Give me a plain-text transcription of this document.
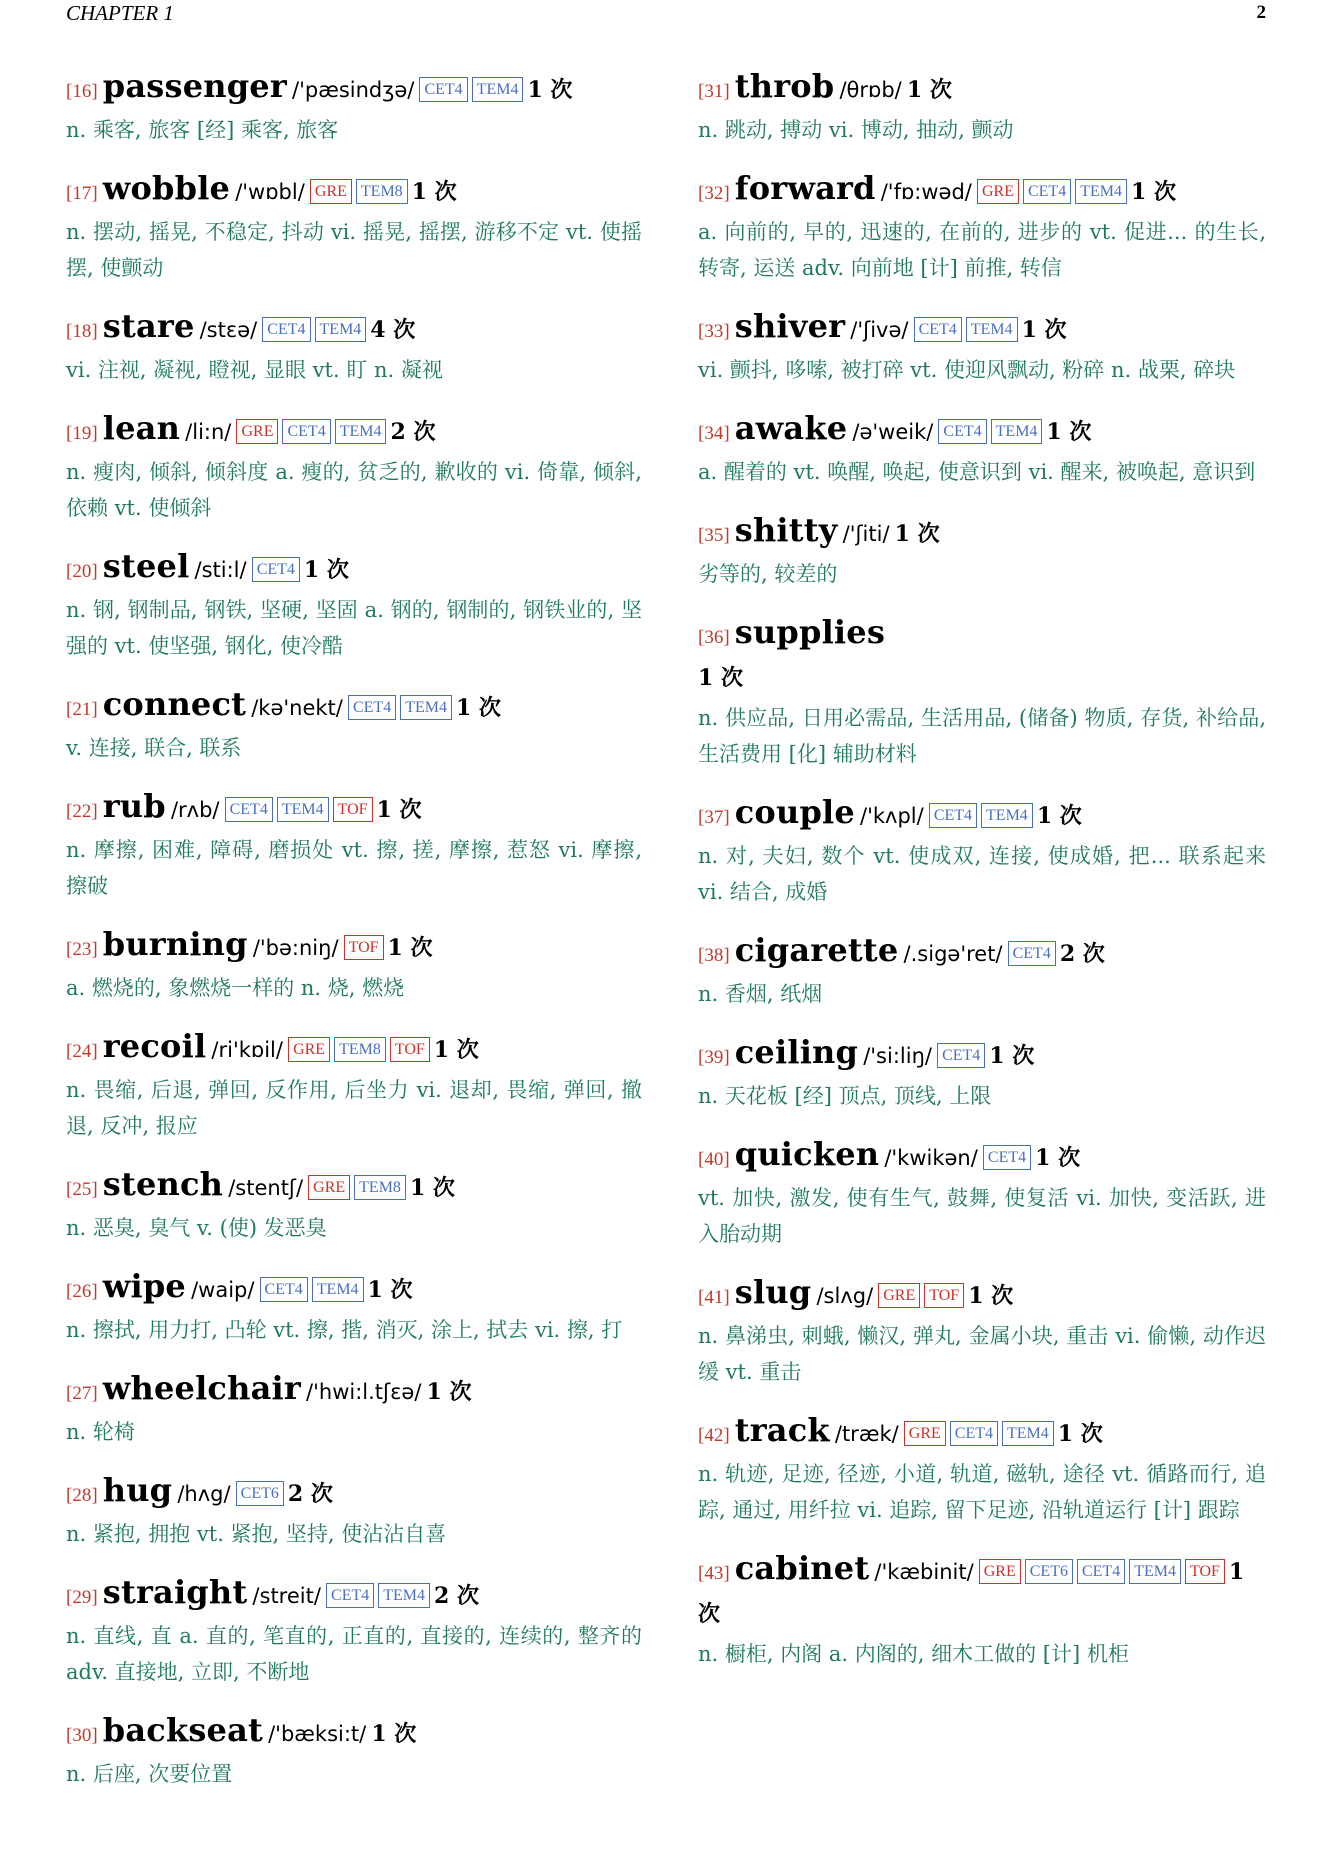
CHAPTER 1	2
[16] passenger /'pæsindʒə/ CET4 TEM4 1 次
n. 乘客, 旅客 [经] 乘客, 旅客
[17] wobble /'wɒbl/ GRE TEM8 1 次
n. 摆动, 摇晃, 不稳定, 抖动 vi. 摇晃, 摇摆, 游移不定 vt. 使摇摆, 使颤动
[18] stare /stɛə/ CET4 TEM4 4 次
vi. 注视, 凝视, 瞪视, 显眼 vt. 盯 n. 凝视
[19] lean /li:n/ GRE CET4 TEM4 2 次
n. 瘦肉, 倾斜, 倾斜度 a. 瘦的, 贫乏的, 歉收的 vi. 倚靠, 倾斜, 依赖 vt. 使倾斜
[20] steel /sti:l/ CET4 1 次
n. 钢, 钢制品, 钢铁, 坚硬, 坚固 a. 钢的, 钢制的, 钢铁业的, 坚强的 vt. 使坚强, 钢化, 使冷酷
[21] connect /kə'nekt/ CET4 TEM4 1 次
v. 连接, 联合, 联系
[22] rub /rʌb/ CET4 TEM4 TOF 1 次
n. 摩擦, 困难, 障碍, 磨损处 vt. 擦, 搓, 摩擦, 惹怒 vi. 摩擦, 擦破
[23] burning /'bə:niŋ/ TOF 1 次
a. 燃烧的, 象燃烧一样的 n. 烧, 燃烧
[24] recoil /ri'kɒil/ GRE TEM8 TOF 1 次
n. 畏缩, 后退, 弹回, 反作用, 后坐力 vi. 退却, 畏缩, 弹回, 撤退, 反冲, 报应
[25] stench /stentʃ/ GRE TEM8 1 次
n. 恶臭, 臭气 v. (使) 发恶臭
[26] wipe /waip/ CET4 TEM4 1 次
n. 擦拭, 用力打, 凸轮 vt. 擦, 揩, 消灭, 涂上, 拭去 vi. 擦, 打
[27] wheelchair /'hwi:l.tʃɛə/ 1 次
n. 轮椅
[28] hug /hʌg/ CET6 2 次
n. 紧抱, 拥抱 vt. 紧抱, 坚持, 使沾沾自喜
[29] straight /streit/ CET4 TEM4 2 次
n. 直线, 直 a. 直的, 笔直的, 正直的, 直接的, 连续的, 整齐的 adv. 直接地, 立即, 不断地
[30] backseat /'bæksi:t/ 1 次
n. 后座, 次要位置
[31] throb /θrɒb/ 1 次
n. 跳动, 搏动 vi. 博动, 抽动, 颤动
[32] forward /'fɒ:wəd/ GRE CET4 TEM4 1 次
a. 向前的, 早的, 迅速的, 在前的, 进步的 vt. 促进... 的生长, 转寄, 运送 adv. 向前地 [计] 前推, 转信
[33] shiver /'ʃivə/ CET4 TEM4 1 次
vi. 颤抖, 哆嗦, 被打碎 vt. 使迎风飘动, 粉碎 n. 战栗, 碎块
[34] awake /ə'weik/ CET4 TEM4 1 次
a. 醒着的 vt. 唤醒, 唤起, 使意识到 vi. 醒来, 被唤起, 意识到
[35] shitty /'ʃiti/ 1 次
劣等的, 较差的
[36] supplies
1 次
n. 供应品, 日用必需品, 生活用品, (储备) 物质, 存货, 补给品, 生活费用 [化] 辅助材料
[37] couple /'kʌpl/ CET4 TEM4 1 次
n. 对, 夫妇, 数个 vt. 使成双, 连接, 使成婚, 把... 联系起来 vi. 结合, 成婚
[38] cigarette /.sigə'ret/ CET4 2 次
n. 香烟, 纸烟
[39] ceiling /'si:liŋ/ CET4 1 次
n. 天花板 [经] 顶点, 顶线, 上限
[40] quicken /'kwikən/ CET4 1 次
vt. 加快, 激发, 使有生气, 鼓舞, 使复活 vi. 加快, 变活跃, 进入胎动期
[41] slug /slʌg/ GRE TOF 1 次
n. 鼻涕虫, 刺蛾, 懒汉, 弹丸, 金属小块, 重击 vi. 偷懒, 动作迟缓 vt. 重击
[42] track /træk/ GRE CET4 TEM4 1 次
n. 轨迹, 足迹, 径迹, 小道, 轨道, 磁轨, 途径 vt. 循路而行, 追踪, 通过, 用纤拉 vi. 追踪, 留下足迹, 沿轨道运行 [计] 跟踪
[43] cabinet /'kæbinit/ GRE CET6 CET4 TEM4 TOF 1 次
n. 橱柜, 内阁 a. 内阁的, 细木工做的 [计] 机柜
